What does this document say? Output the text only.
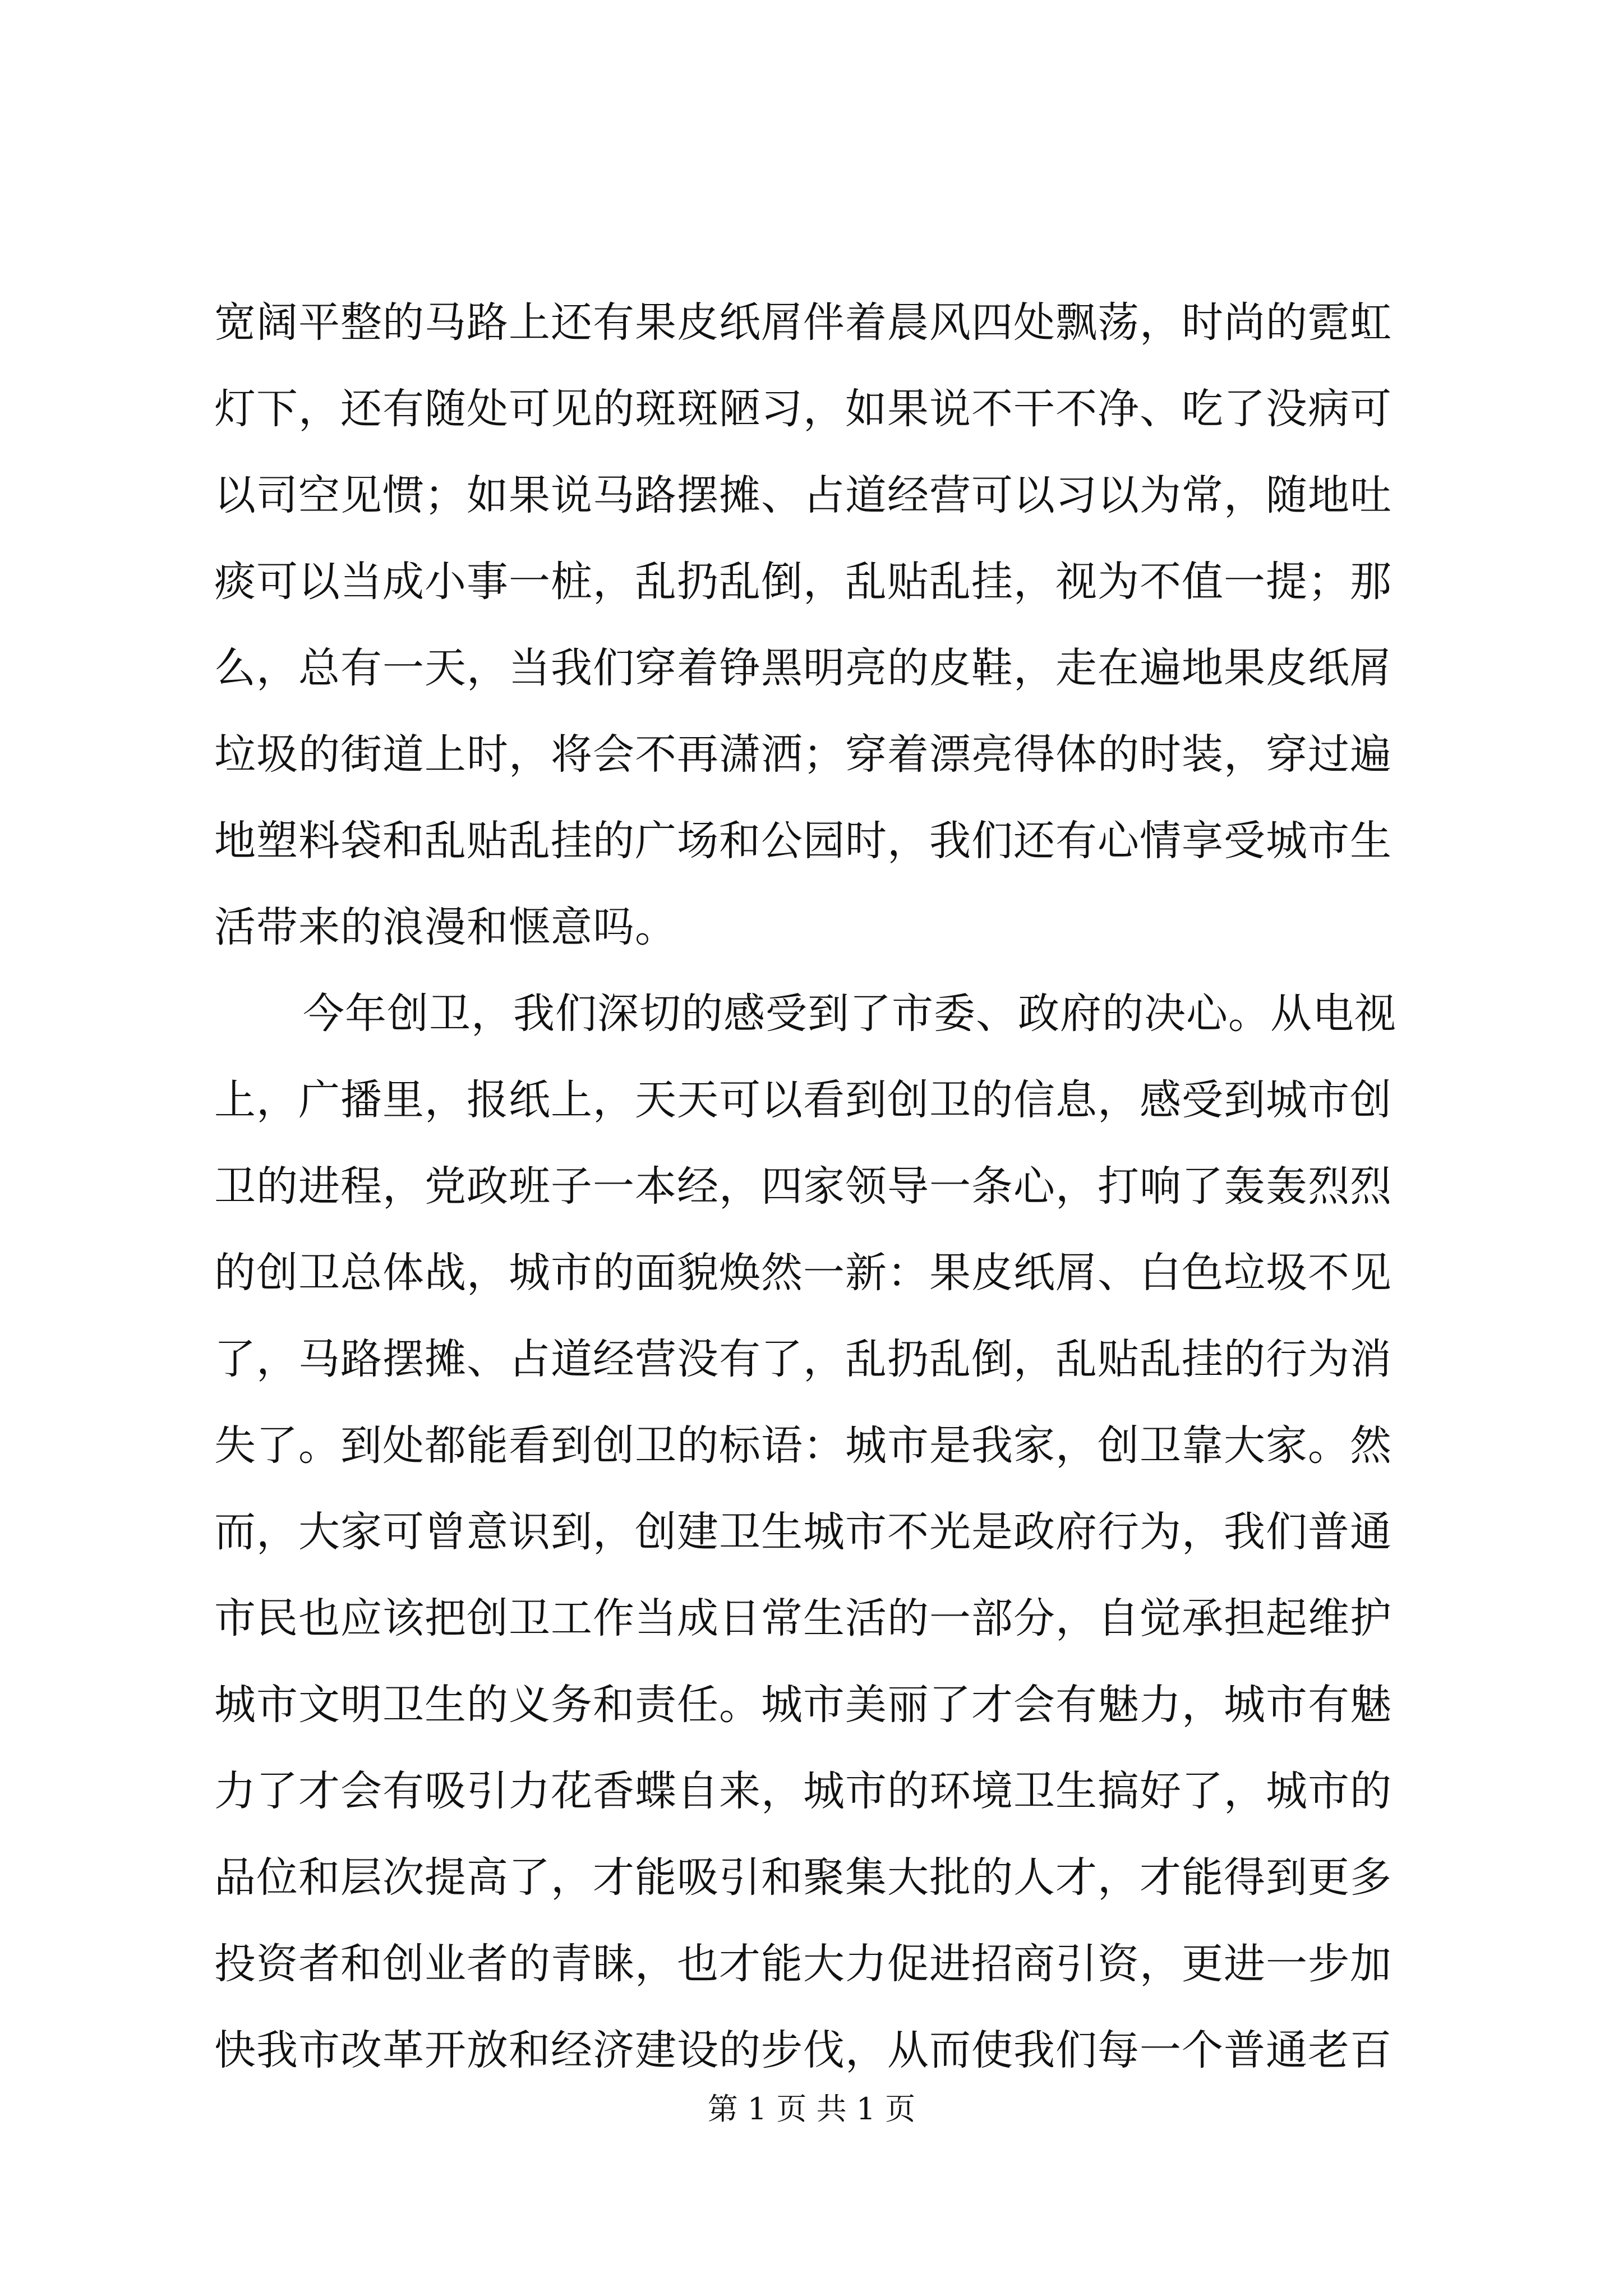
宽阔平整的马路上还有果皮纸屑伴着晨风四处飘荡，时尚的霓虹
灯下，还有随处可见的斑斑陋习，如果说不干不净、吃了没病可
以司空见惯；如果说马路摆摊、占道经营可以习以为常，随地吐
痰可以当成小事一桩，乱扔乱倒，乱贴乱挂，视为不值一提；那
么，总有一天，当我们穿着铮黑明亮的皮鞋，走在遍地果皮纸屑
垃圾的街道上时，将会不再潇洒；穿着漂亮得体的时装，穿过遍
地塑料袋和乱贴乱挂的广场和公园时，我们还有心情享受城市生
活带来的浪漫和惬意吗。
今年创卫，我们深切的感受到了市委、政府的决心。从电视
上，广播里，报纸上，天天可以看到创卫的信息，感受到城市创
卫的进程，党政班子一本经，四家领导一条心，打响了轰轰烈烈
的创卫总体战，城市的面貌焕然一新：果皮纸屑、白色垃圾不见
了，马路摆摊、占道经营没有了，乱扔乱倒，乱贴乱挂的行为消
失了。到处都能看到创卫的标语：城市是我家，创卫靠大家。然
而，大家可曾意识到，创建卫生城市不光是政府行为，我们普通
市民也应该把创卫工作当成日常生活的一部分，自觉承担起维护
城市文明卫生的义务和责任。城市美丽了才会有魅力，城市有魅
力了才会有吸引力花香蝶自来，城市的环境卫生搞好了，城市的
品位和层次提高了，才能吸引和聚集大批的人才，才能得到更多
投资者和创业者的青睐，也才能大力促进招商引资，更进一步加
快我市改革开放和经济建设的步伐，从而使我们每一个普通老百
第 1 页 共 1 页
